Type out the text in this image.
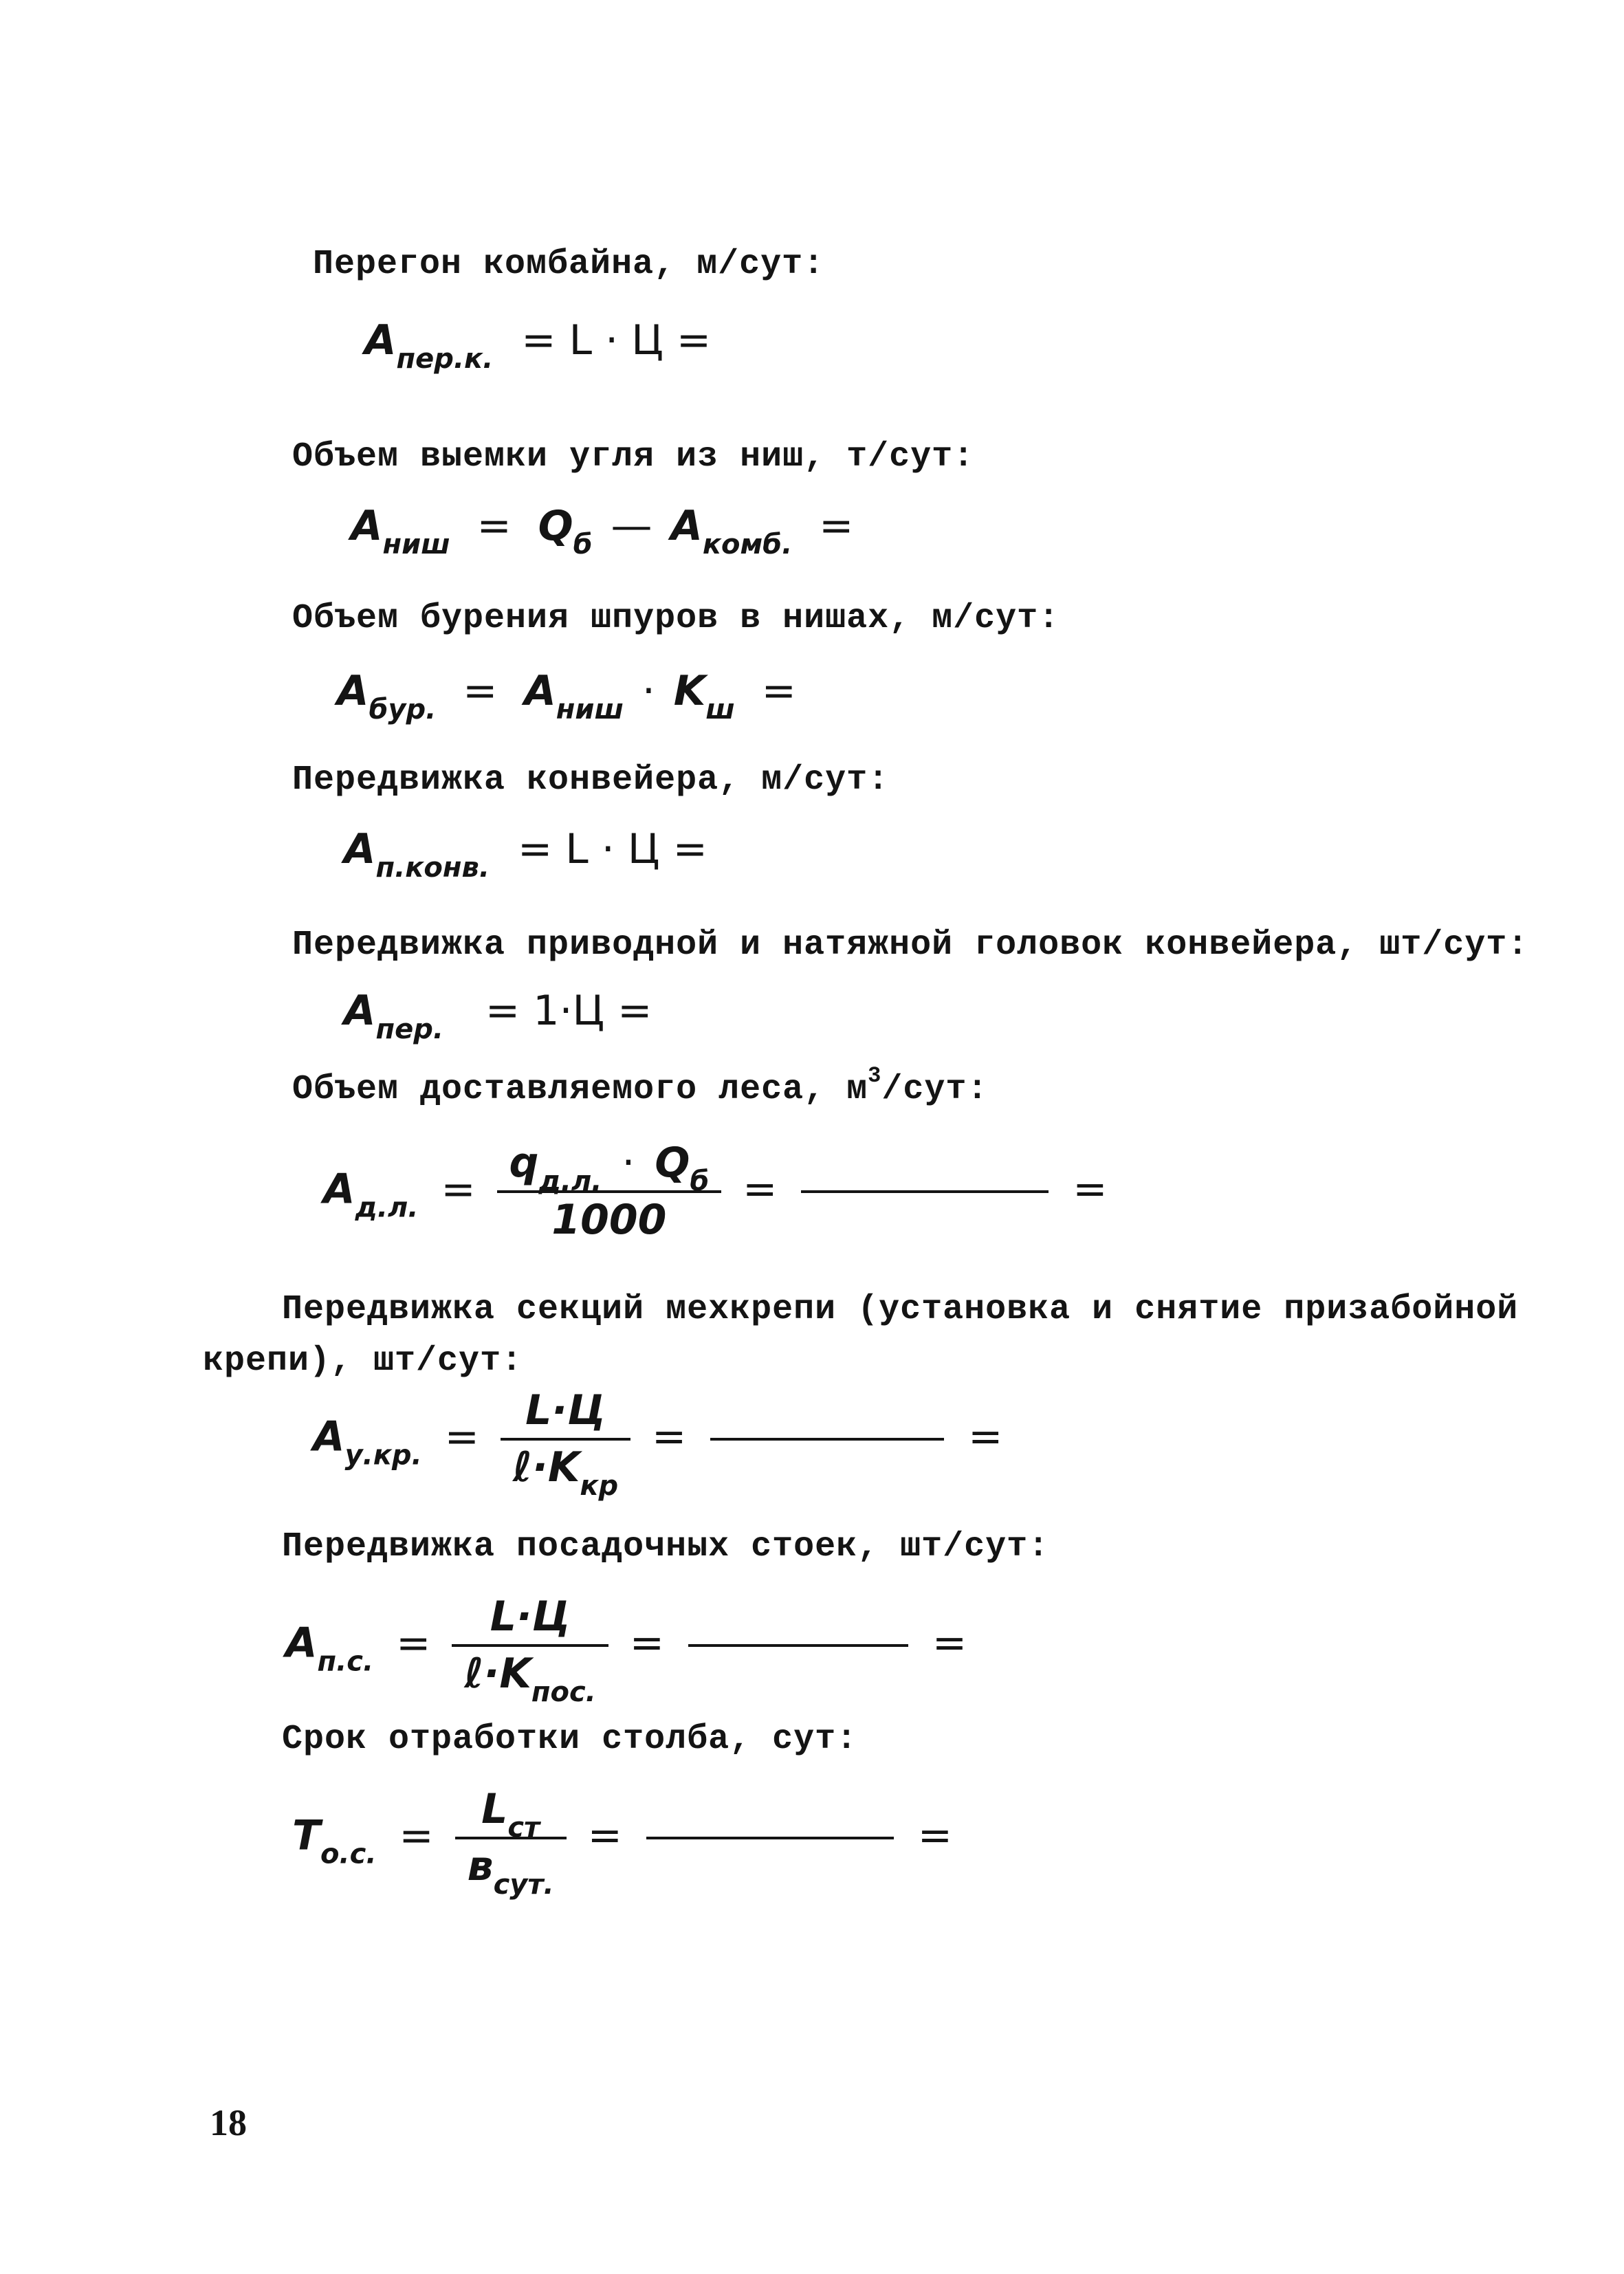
Перегон комбайна, м/сут:
$A_{пер.к.} = L \cdot Ц$ =
Объем выемки угля из ниш, т/сут:
$A_{ниш} = Q_б$ — $A_{комб.}$ =
Объем бурения шпуров в нишах, м/сут:
$A_{бур.} = A_{ниш} \cdot K_ш$ =
Передвижка конвейера, м/сут:
$A_{п.конв.} = L \cdot Ц$ =
Передвижка приводной и натяжной головок конвейера, шт/сут:
$A_{пер.} = 1\cdot Ц$ =
Объем доставляемого леса, $м^3$/сут:
$A_{д.л.} = \frac{q_{д.л.} \cdot Q_б}{1000}$ =	=
Передвижка секций мехкрепи (установка и снятие призабойной
крепи), шт/сут:
$A_{у.кр.} = \frac{L\cdot Ц}{\ell\cdot K_{кр}}$ =	=
Передвижка посадочных стоек, шт/сут:
$A_{п.с.} = \frac{L\cdot Ц}{\ell\cdot K_{пос.}}$ =	=
Срок отработки столба, сут:
$T_{о.с.} = \frac{L_{ст}}{в_{сут.}}$ =	=
18
